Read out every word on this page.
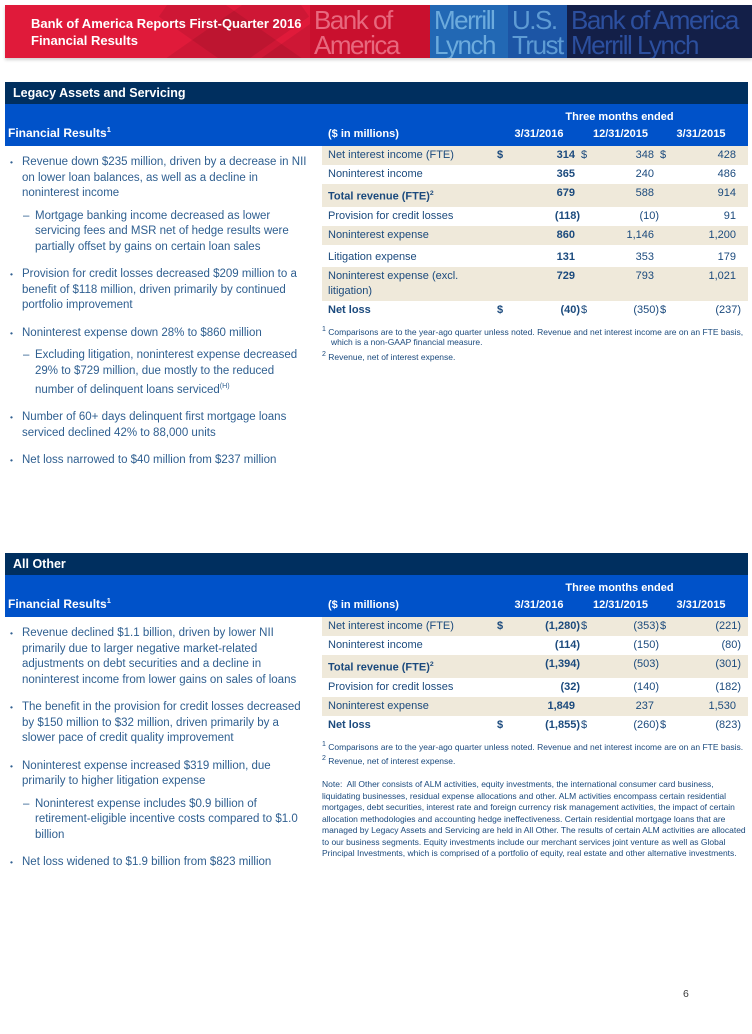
Bank of America Reports First-Quarter 2016
Financial Results
Bank of
America
Merrill
Lynch
U.S.
Trust
Bank of America
Merrill Lynch
Legacy Assets and Servicing
Financial Results$^1$
Three months ended
($ in millions)	3/31/2016	12/31/2015	3/31/2015
• Revenue down $235 million, driven by a decrease in NII on lower loan balances, as well as a decline in noninterest income
– Mortgage banking income decreased as lower servicing fees and MSR net of hedge results were partially offset by gains on certain loan sales
• Provision for credit losses decreased $209 million to a benefit of $118 million, driven primarily by continued portfolio improvement
• Noninterest expense down 28% to $860 million
– Excluding litigation, noninterest expense decreased 29% to $729 million, due mostly to the reduced number of delinquent loans serviced$^{(H)}$
• Number of 60+ days delinquent first mortgage loans serviced declined 42% to 88,000 units
• Net loss narrowed to $40 million from $237 million
Net interest income (FTE)	$	314 $	348 $	428
Noninterest income	365	240	486
Total revenue (FTE)$^2$	679	588	914
Provision for credit losses	(118)	(10)	91
Noninterest expense	860	1,146	1,200
Litigation expense	131	353	179
Noninterest expense (excl. litigation)
729	793	1,021
Net loss	$	(40) $	(350) $	(237)
$^1$ Comparisons are to the year-ago quarter unless noted. Revenue and net interest income are on an FTE basis, which is a non-GAAP financial measure.
$^2$ Revenue, net of interest expense.
All Other
Financial Results$^1$
Three months ended
($ in millions)	3/31/2016	12/31/2015	3/31/2015
• Revenue declined $1.1 billion, driven by lower NII primarily due to larger negative market-related adjustments on debt securities and a decline in noninterest income from lower gains on sales of loans
• The benefit in the provision for credit losses decreased by $150 million to $32 million, driven primarily by a slower pace of credit quality improvement
• Noninterest expense increased $319 million, due primarily to higher litigation expense
– Noninterest expense includes $0.9 billion of retirement-eligible incentive costs compared to $1.0 billion
• Net loss widened to $1.9 billion from $823 million
Net interest income (FTE)	$	(1,280) $	(353) $	(221)
Noninterest income	(114)	(150)	(80)
Total revenue (FTE)$^2$	(1,394)	(503)	(301)
Provision for credit losses	(32)	(140)	(182)
Noninterest expense	1,849	237	1,530
Net loss	$	(1,855) $	(260) $	(823)
$^1$ Comparisons are to the year-ago quarter unless noted. Revenue and net interest income are on an FTE basis.
$^2$ Revenue, net of interest expense.
Note:  All Other consists of ALM activities, equity investments, the international consumer card business, liquidating businesses, residual expense allocations and other. ALM activities encompass certain residential mortgages, debt securities, interest rate and foreign currency risk management activities, the impact of certain allocation methodologies and accounting hedge ineffectiveness. Certain residential mortgage loans that are managed by Legacy Assets and Servicing are held in All Other. The results of certain ALM activities are allocated to our business segments. Equity investments include our merchant services joint venture as well as Global Principal Investments, which is comprised of a portfolio of equity, real estate and other alternative investments.
6
